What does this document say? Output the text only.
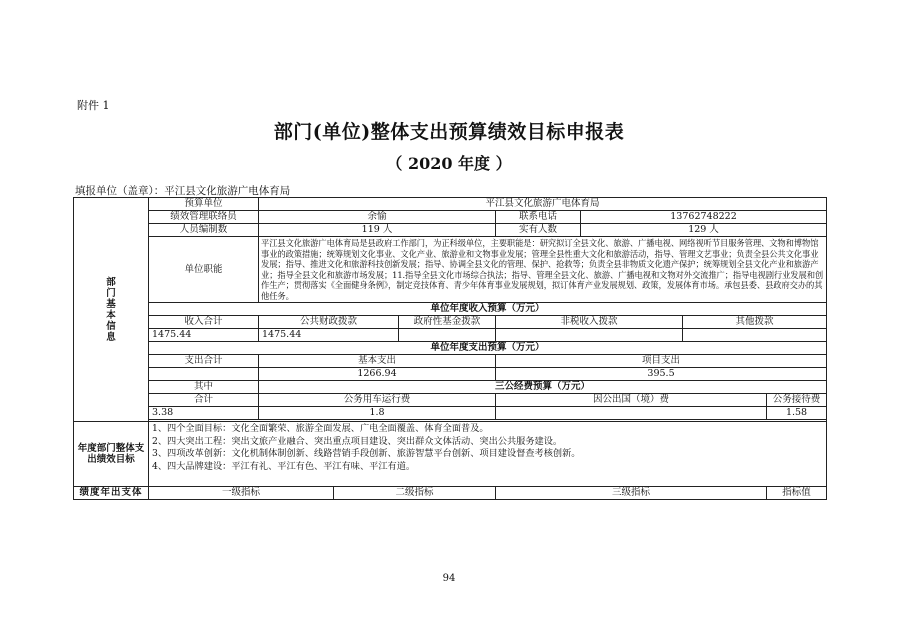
附件 1
部门(单位)整体支出预算绩效目标申报表
（ 2020 年度 ）
填报单位（盖章）：平江县文化旅游广电体育局
部门基本信息	预算单位	平江县文化旅游广电体育局						
	绩效管理联络员	余愉			联系电话	13762748222		
	人员编制数	119 人			实有人数	129 人		
	单位职能	平江县文化旅游广电体育局是县政府工作部门，为正科级单位，主要职能是：研究拟订全县文化、旅游、广播电视、网络视听节目服务管理、文物和博物馆事业的政策措施；统筹规划文化事业、文化产业、旅游业和文物事业发展；管理全县性重大文化和旅游活动，指导、管理文艺事业；负责全县公共文化事业发展；指导、推进文化和旅游科技创新发展；指导、协调全县文化的管理、保护、抢救等；负责全县非物质文化遗产保护；统筹规划全县文化产业和旅游产业；指导全县文化和旅游市场发展；11.指导全县文化市场综合执法；指导、管理全县文化、旅游、广播电视和文物对外交流推广；指导电视剧行业发展和创作生产；贯彻落实《全面健身条例》，制定竞技体育、青少年体育事业发展规划，拟订体育产业发展规划、政策，发展体育市场。承包县委、县政府交办的其他任务。						
	单位年度收入预算（万元）							
	收入合计	公共财政拨款		政府性基金拨款	非税收入拨款		其他拨款	
	1475.44	1475.44						
	单位年度支出预算（万元）							
	支出合计	基本支出			项目支出			
		1266.94			395.5			
	其中	三公经费预算（万元）						
	合计	公务用车运行费			因公出国（境）费			公务接待费
	3.38	1.8						1.58

年度部门整体支出绩效目标	1、四个全面目标：文化全面繁荣、旅游全面发展、广电全面覆盖、体育全面普及。
2、四大突出工程：突出文旅产业融合、突出重点项目建设、突出群众文体活动、突出公共服务建设。
3、四项改革创新：文化机制体制创新、线路营销手段创新、旅游智慧平台创新、项目建设督查考核创新。
4、四大品牌建设：平江有礼、平江有色、平江有味、平江有道。							

绩度年出支体	一级指标		二级指标		三级指标			指标值
94
